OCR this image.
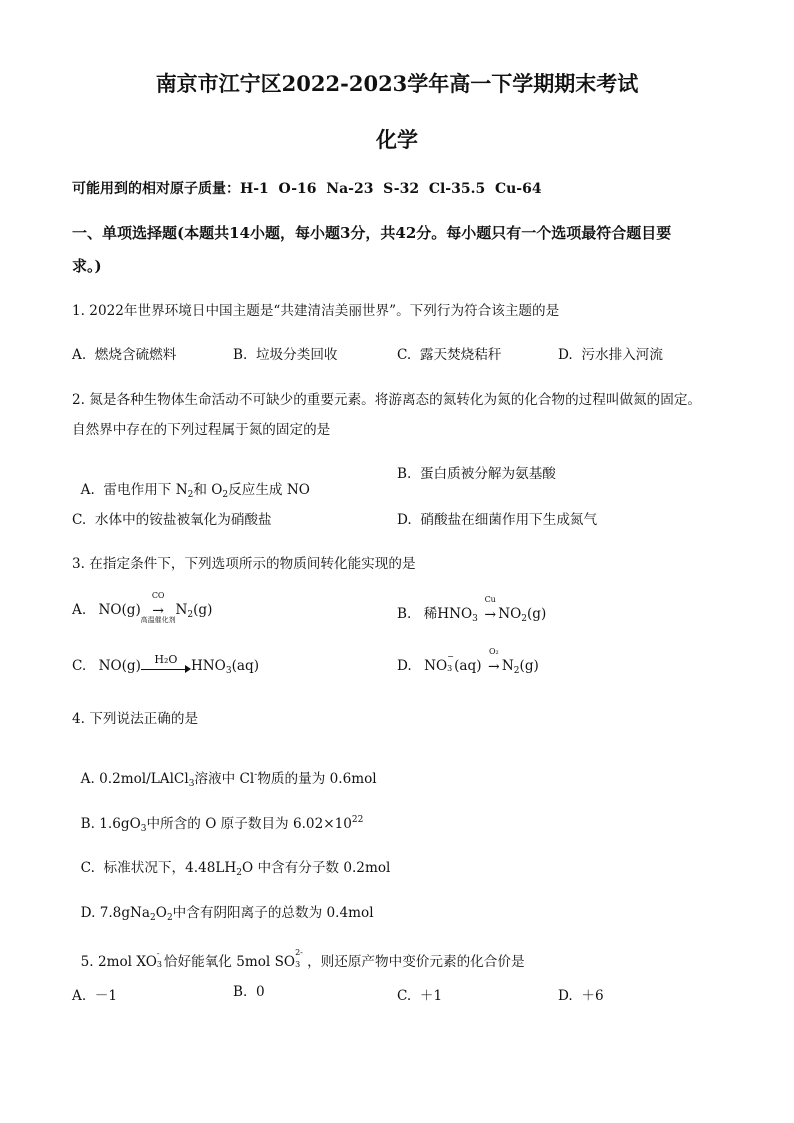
南京市江宁区2022-2023学年高一下学期期末考试
化学
可能用到的相对原子质量：H-1  O-16  Na-23  S-32  Cl-35.5  Cu-64
一、单项选择题(本题共14小题，每小题3分，共42分。每小题只有一个选项最符合题目要
求。)
1. 2022年世界环境日中国主题是“共建清洁美丽世界”。下列行为符合该主题的是
A.  燃烧含硫燃料	B.  垃圾分类回收	C.  露天焚烧秸秆	D.  污水排入河流
2. 氮是各种生物体生命活动不可缺少的重要元素。将游离态的氮转化为氮的化合物的过程叫做氮的固定。
自然界中存在的下列过程属于氮的固定的是

A.  雷电作用下 $N_2$和 $O_2$反应生成 NO

B.  蛋白质被分解为氨基酸
C.  水体中的铵盐被氧化为硝酸盐	D.  硝酸盐在细菌作用下生成氮气
3. 在指定条件下，下列选项所示的物质间转化能实现的是
A. NO(g)
CO
→
高温催化剂
$N_2(g)$	B. 稀$HNO_3$
Cu
→ $NO_2(g)$
C. NO(g)	H₂O $HNO_3(aq)$	D. NO
−
3 (aq)
O₂
→ $N_2(g)$
4. 下列说法正确的是

A. 0.2mol/LAlCl$_3$溶液中 Cl-物质的量为 0.6mol

B. $1.6gO_3$中所含的 O 原子数目为 $6.02\times 10^{22}$

C.  标准状况下，$4.48LH_2O$ 中含有分子数 0.2mol

D. $7.8gNa_2O_2$中含有阴阳离子的总数为 0.4mol

5. 2mol XO
-
3 恰好能氧化 5mol SO
2-
3 ，则还原产物中变价元素的化合价是

A.  －1	B.  0	C.  ＋1	D.  ＋6
